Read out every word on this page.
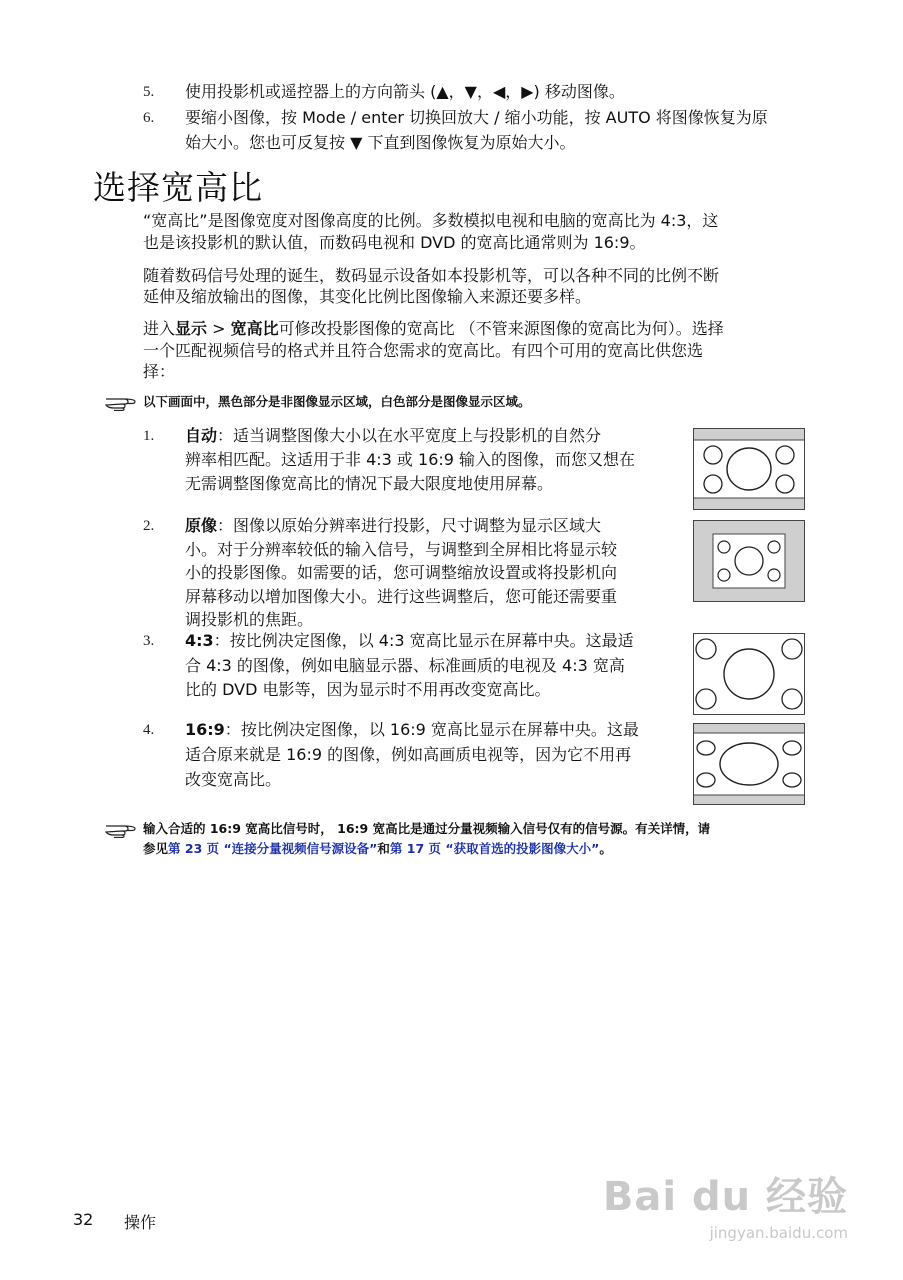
5. 使用投影机或遥控器上的方向箭头 (▲，▼，◀，▶) 移动图像。
6. 要缩小图像，按 Mode / enter 切换回放大 / 缩小功能，按 AUTO 将图像恢复为原
始大小。您也可反复按 ▼ 下直到图像恢复为原始大小。
选择宽高比
“宽高比”是图像宽度对图像高度的比例。多数模拟电视和电脑的宽高比为 4:3，这
也是该投影机的默认值，而数码电视和 DVD 的宽高比通常则为 16:9。
随着数码信号处理的诞生，数码显示设备如本投影机等，可以各种不同的比例不断
延伸及缩放输出的图像，其变化比例比图像输入来源还要多样。
进入显示 > 宽高比可修改投影图像的宽高比 （不管来源图像的宽高比为何）。选择
一个匹配视频信号的格式并且符合您需求的宽高比。有四个可用的宽高比供您选
择：
以下画面中，黑色部分是非图像显示区域，白色部分是图像显示区域。
1. 自动：适当调整图像大小以在水平宽度上与投影机的自然分
辨率相匹配。这适用于非 4:3 或 16:9 输入的图像，而您又想在
无需调整图像宽高比的情况下最大限度地使用屏幕。
2. 原像：图像以原始分辨率进行投影，尺寸调整为显示区域大
小。对于分辨率较低的输入信号，与调整到全屏相比将显示较
小的投影图像。如需要的话，您可调整缩放设置或将投影机向
屏幕移动以增加图像大小。进行这些调整后，您可能还需要重
调投影机的焦距。
3. 4:3：按比例决定图像，以 4:3 宽高比显示在屏幕中央。这最适
合 4:3 的图像，例如电脑显示器、标准画质的电视及 4:3 宽高
比的 DVD 电影等，因为显示时不用再改变宽高比。
4. 16:9：按比例决定图像，以 16:9 宽高比显示在屏幕中央。这最
适合原来就是 16:9 的图像，例如高画质电视等，因为它不用再
改变宽高比。
输入合适的 16:9 宽高比信号时， 16:9 宽高比是通过分量视频输入信号仅有的信号源。有关详情，请
参见第 23 页 “连接分量视频信号源设备”和第 17 页 “获取首选的投影图像大小”。
32 操作
Bai du 经验
jingyan.baidu.com
